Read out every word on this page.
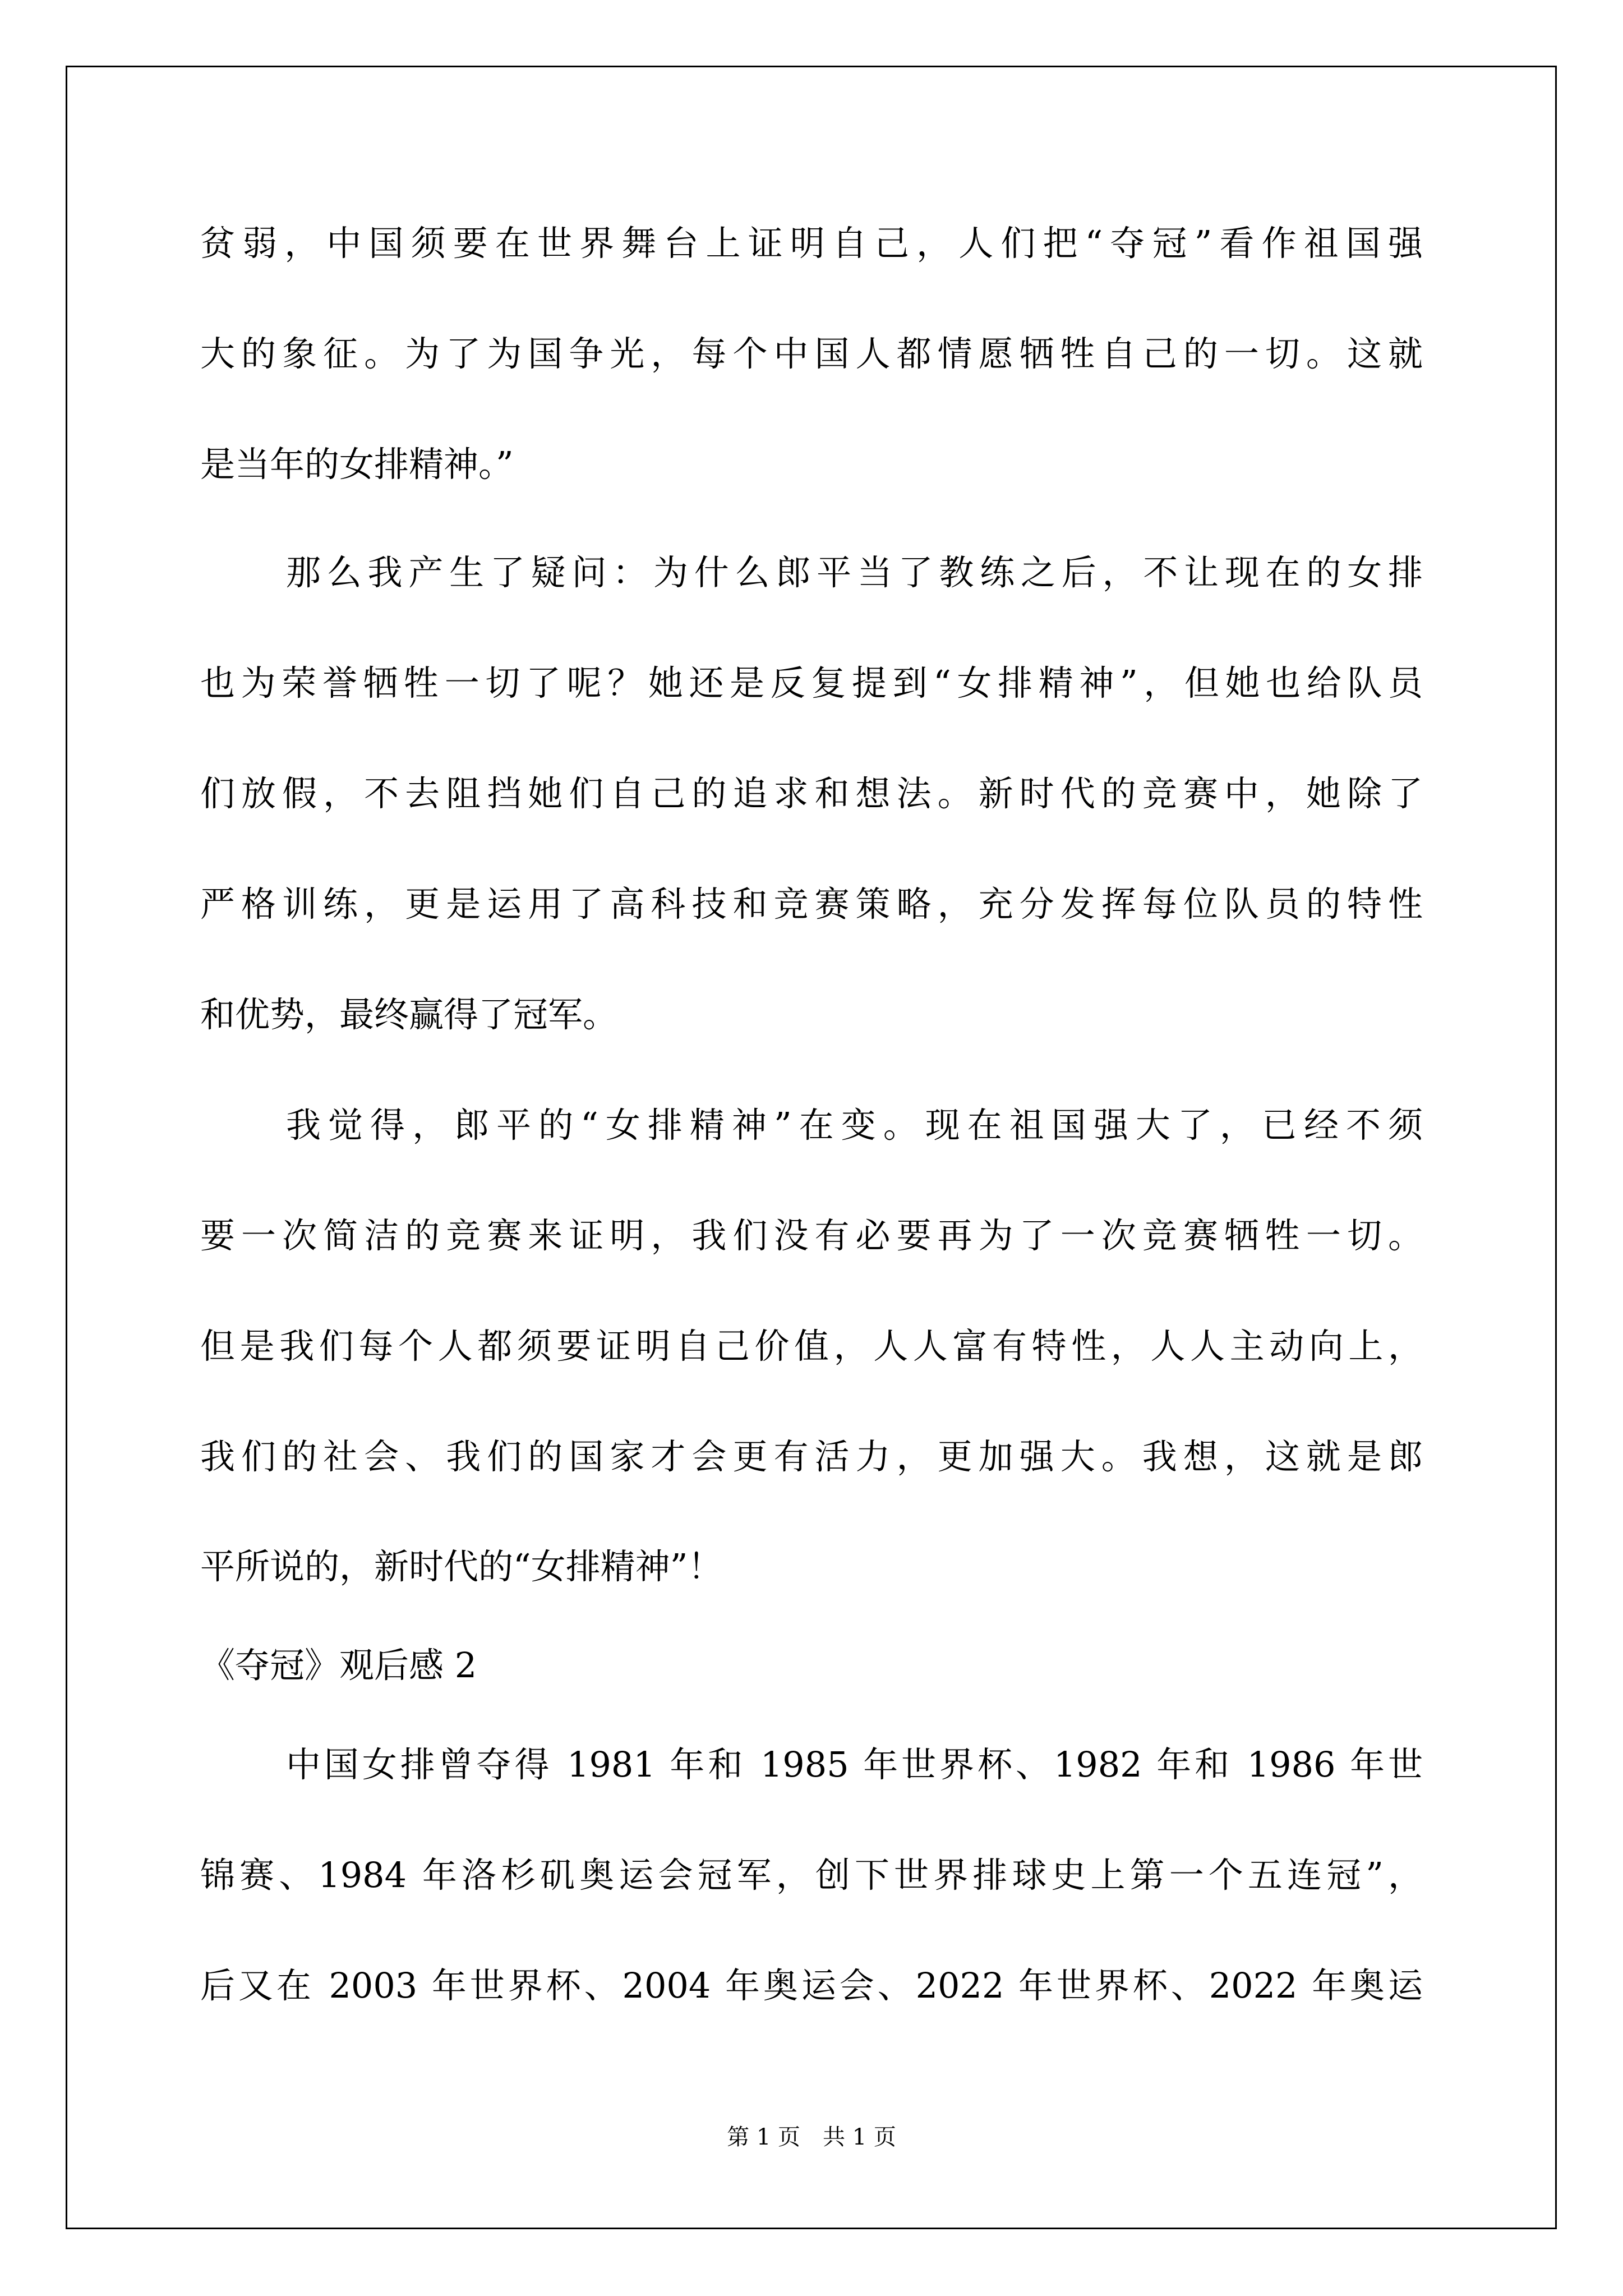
贫弱，中国须要在世界舞台上证明自己，人们把“夺冠”看作祖国强
大的象征。为了为国争光，每个中国人都情愿牺牲自己的一切。这就
是当年的女排精神。”
那么我产生了疑问：为什么郎平当了教练之后，不让现在的女排
也为荣誉牺牲一切了呢？她还是反复提到“女排精神”，但她也给队员
们放假，不去阻挡她们自己的追求和想法。新时代的竞赛中，她除了
严格训练，更是运用了高科技和竞赛策略，充分发挥每位队员的特性
和优势，最终赢得了冠军。
我觉得，郎平的“女排精神”在变。现在祖国强大了，已经不须
要一次简洁的竞赛来证明，我们没有必要再为了一次竞赛牺牲一切。
但是我们每个人都须要证明自己价值，人人富有特性，人人主动向上，
我们的社会、我们的国家才会更有活力，更加强大。我想，这就是郎
平所说的，新时代的“女排精神”！
《夺冠》观后感 2
中国女排曾夺得 1981 年和 1985 年世界杯、1982 年和 1986 年世
锦赛、1984 年洛杉矶奥运会冠军，创下世界排球史上第一个五连冠”，
后又在 2003 年世界杯、2004 年奥运会、2022 年世界杯、2022 年奥运
第 1 页　共 1 页
